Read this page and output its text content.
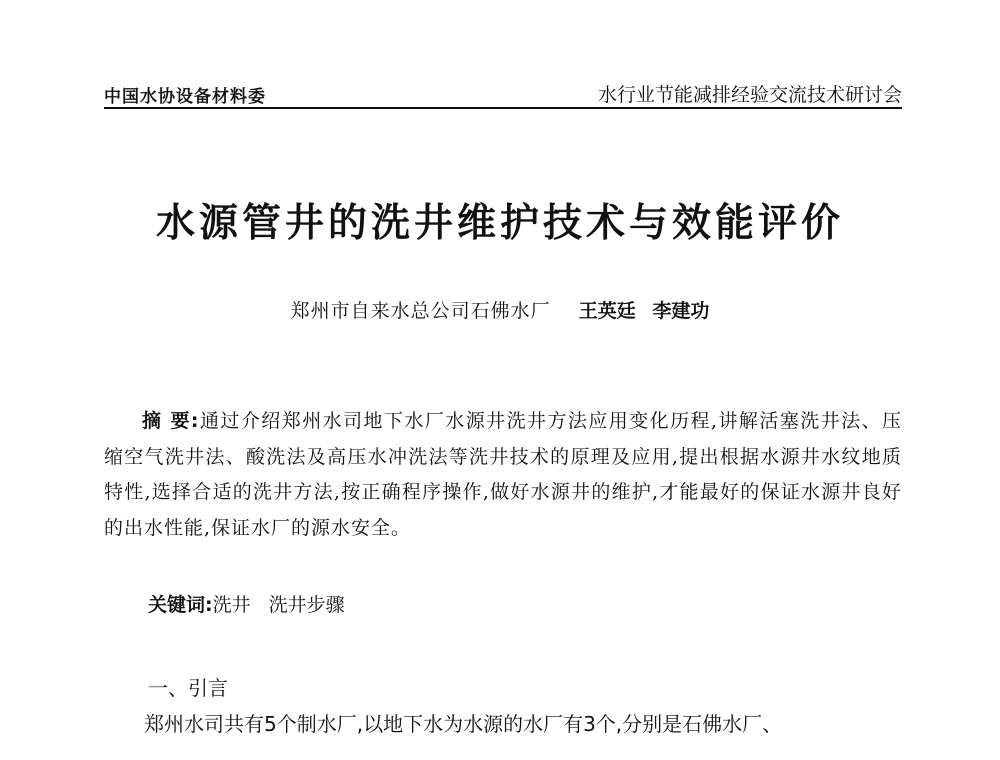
中国水协设备材料委	水行业节能减排经验交流技术研讨会
水源管井的洗井维护技术与效能评价
郑州市自来水总公司石佛水厂 王英廷 李建功
摘 要:通过介绍郑州水司地下水厂水源井洗井方法应用变化历程,讲解活塞洗井法、压缩空气洗井法、酸洗法及高压水冲洗法等洗井技术的原理及应用,提出根据水源井水纹地质特性,选择合适的洗井方法,按正确程序操作,做好水源井的维护,才能最好的保证水源井良好的出水性能,保证水厂的源水安全。
关键词:洗井 洗井步骤
一、引言
郑州水司共有5个制水厂,以地下水为水源的水厂有3个,分别是石佛水厂、
